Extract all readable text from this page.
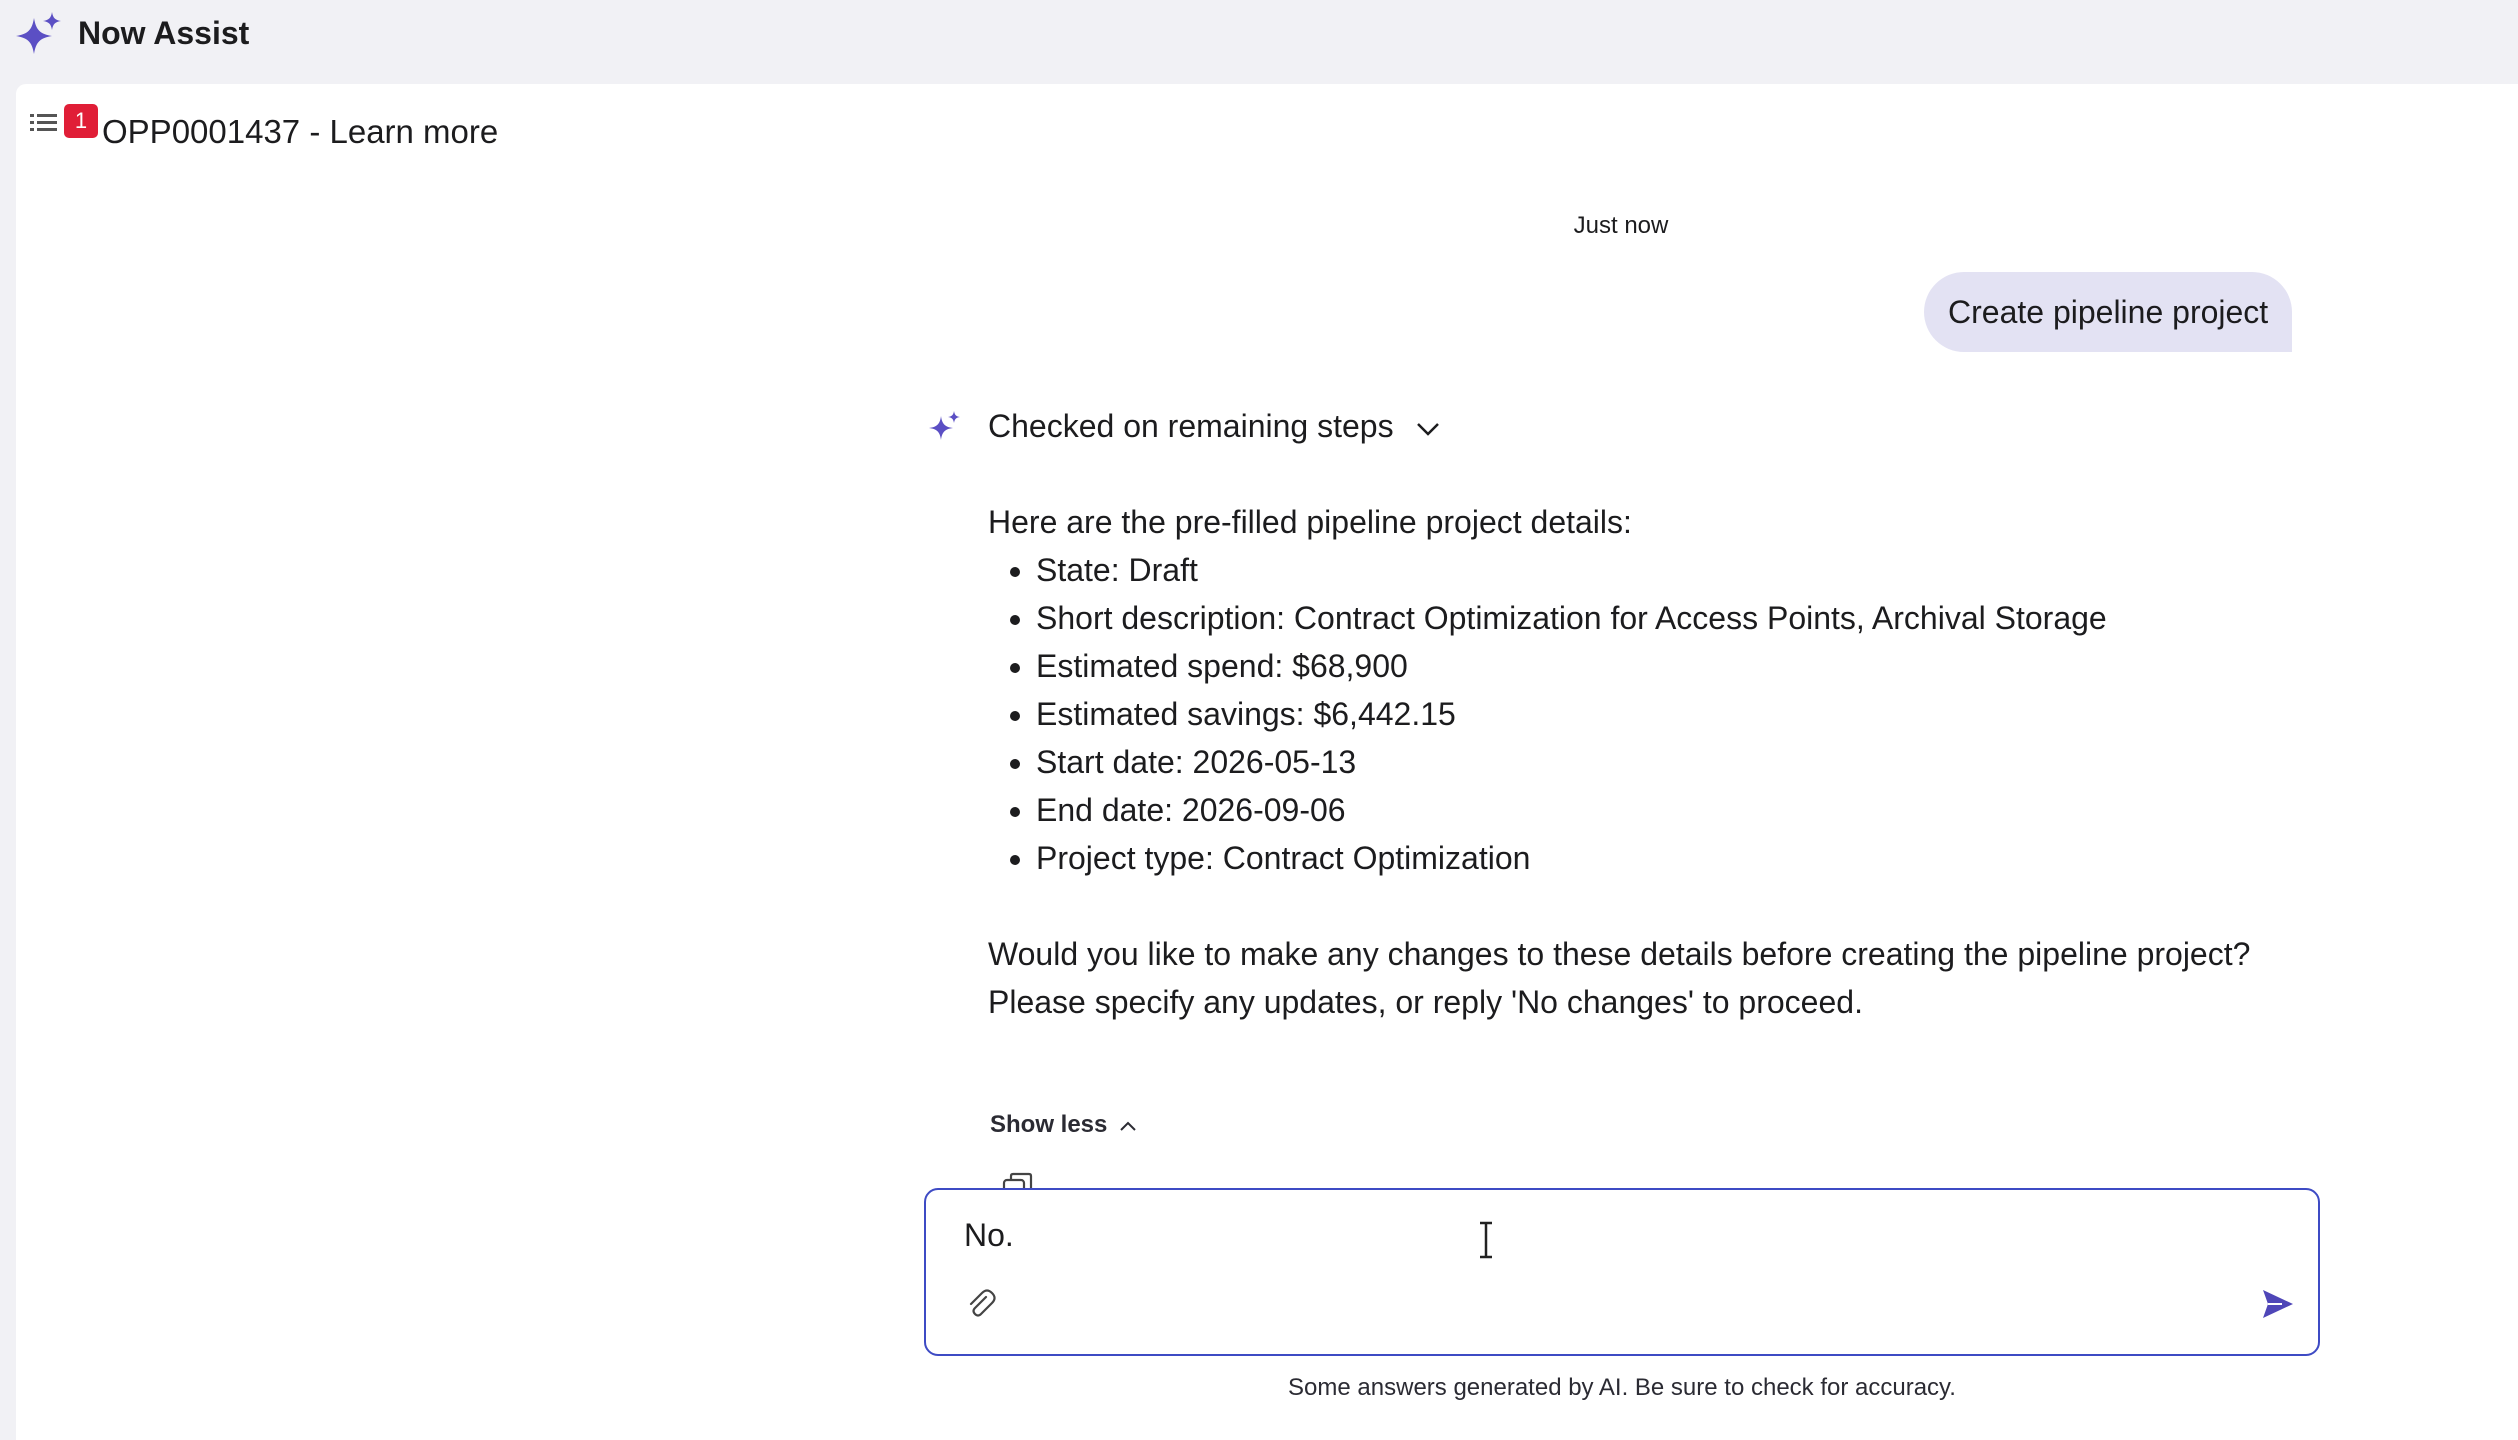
Now Assist
1 OPP0001437 - Learn more
Just now
Create pipeline project
Checked on remaining steps

Here are the pre-filled pipeline project details:

• State: Draft
• Short description: Contract Optimization for Access Points, Archival Storage
• Estimated spend: $68,900
• Estimated savings: $6,442.15
• Start date: 2026-05-13
• End date: 2026-09-06
• Project type: Contract Optimization

Would you like to make any changes to these details before creating the pipeline project?

Please specify any updates, or reply 'No changes' to proceed.

Show less
No.
Some answers generated by AI. Be sure to check for accuracy.
